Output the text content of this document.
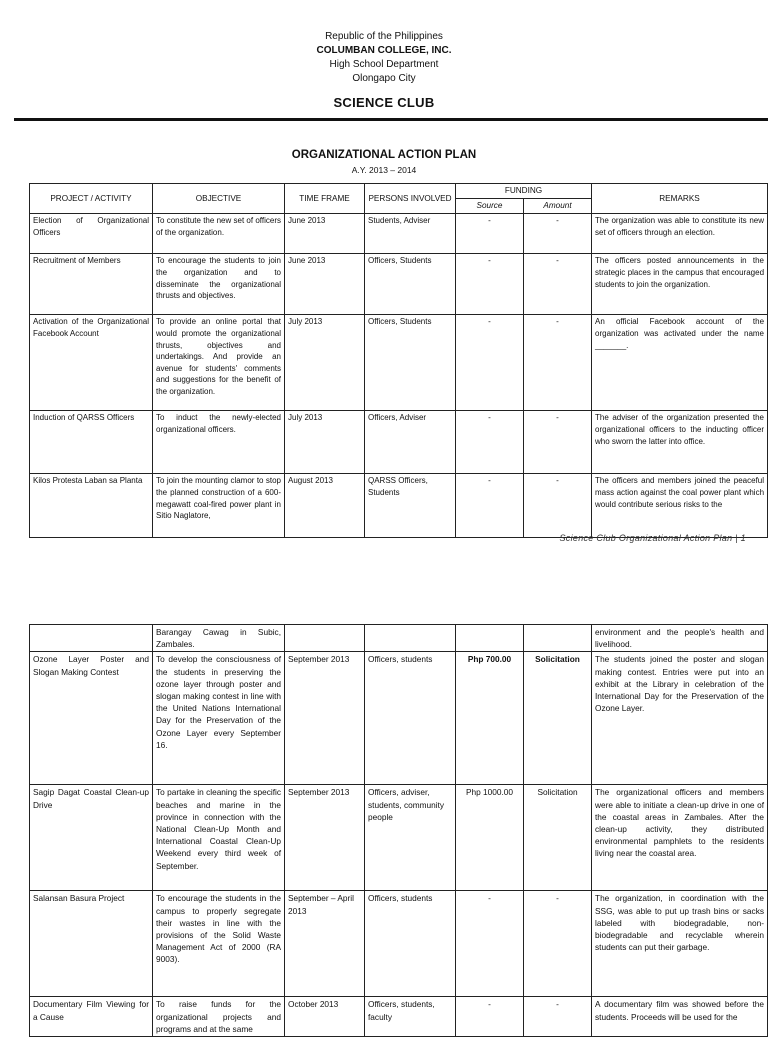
Republic of the Philippines
COLUMBAN COLLEGE, INC.
High School Department
Olongapo City
SCIENCE CLUB
ORGANIZATIONAL ACTION PLAN
A.Y. 2013 – 2014
PROJECT / ACTIVITY	OBJECTIVE	TIME FRAME	PERSONS INVOLVED	FUNDING		REMARKS
				Source	Amount	
Election of Organizational Officers	To constitute the new set of officers of the organization.	June 2013	Students, Adviser	-	-	The organization was able to constitute its new set of officers through an election.
Recruitment of Members	To encourage the students to join the organization and to disseminate the organizational thrusts and objectives.	June 2013	Officers, Students	-	-	The officers posted announcements in the strategic places in the campus that encouraged students to join the organization.
Activation of the Organizational Facebook Account	To provide an online portal that would promote the organizational thrusts, objectives and undertakings. And provide an avenue for students' comments and suggestions for the benefit of the organization.	July 2013	Officers, Students	-	-	An official Facebook account of the organization was activated under the name _______.
Induction of QARSS Officers	To induct the newly-elected organizational officers.	July 2013	Officers, Adviser	-	-	The adviser of the organization presented the organizational officers to the inducting officer who sworn the latter into office.
Kilos Protesta Laban sa Planta	To join the mounting clamor to stop the planned construction of a 600-megawatt coal-fired power plant in Sitio Naglatore,	August 2013	QARSS Officers, Students	-	-	The officers and members joined the peaceful mass action against the coal power plant which would contribute serious risks to the
Science Club Organizational Action Plan | 1
	Barangay Cawag in Subic, Zambales.					environment and the people's health and livelihood.
Ozone Layer Poster and Slogan Making Contest	To develop the consciousness of the students in preserving the ozone layer through poster and slogan making contest in line with the United Nations International Day for the Preservation of the Ozone Layer every September 16.	September 2013	Officers, students	Php 700.00	Solicitation	The students joined the poster and slogan making contest. Entries were put into an exhibit at the Library in celebration of the International Day for the Preservation of the Ozone Layer.
Sagip Dagat Coastal Clean-up Drive	To partake in cleaning the specific beaches and marine in the province in connection with the National Clean-Up Month and International Coastal Clean-Up Weekend every third week of September.	September 2013	Officers, adviser, students, community people	Php 1000.00	Solicitation	The organizational officers and members were able to initiate a clean-up drive in one of the coastal areas in Zambales. After the clean-up activity, they distributed environmental pamphlets to the residents living near the coastal area.
Salansan Basura Project	To encourage the students in the campus to properly segregate their wastes in line with the provisions of the Solid Waste Management Act of 2000 (RA 9003).	September – April 2013	Officers, students	-	-	The organization, in coordination with the SSG, was able to put up trash bins or sacks labeled with biodegradable, non-biodegradable and recyclable wherein students can put their garbage.
Documentary Film Viewing for a Cause	To raise funds for the organizational projects and programs and at the same	October 2013	Officers, students, faculty	-	-	A documentary film was showed before the students. Proceeds will be used for the
